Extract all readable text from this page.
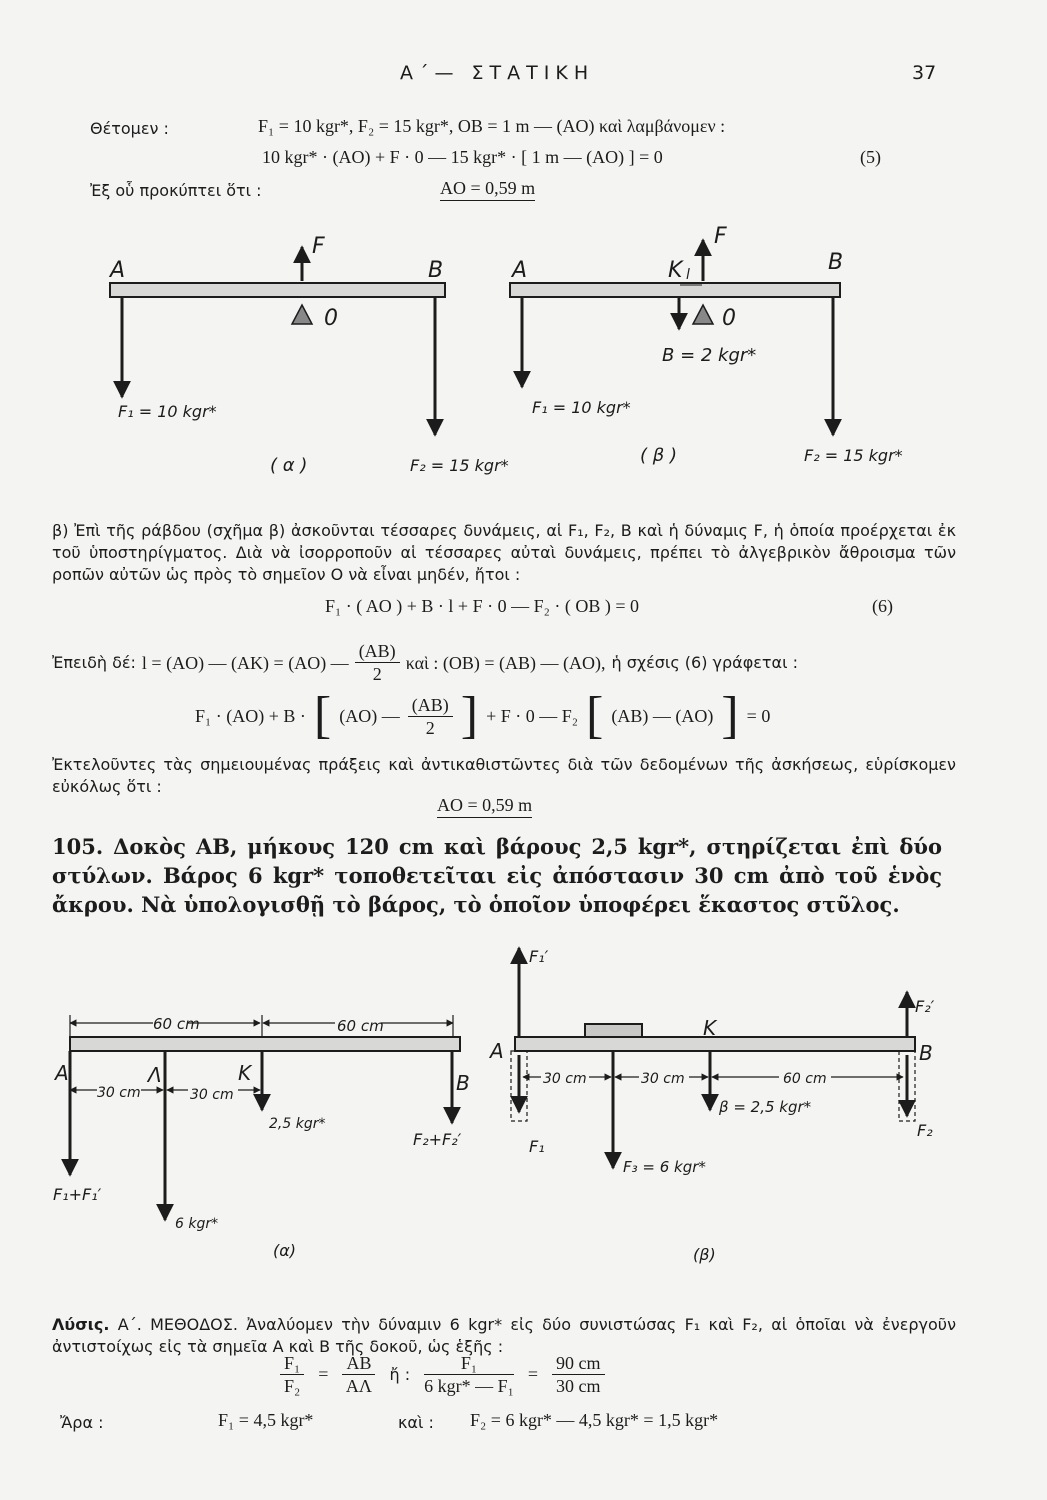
Α΄— ΣΤΑΤΙΚΗ	37
Θέτομεν :	F₁ = 10 kgr*, F₂ = 15 kgr*, OB = 1 m — (AO) καὶ λαμβάνομεν :
10 kgr* · (AO) + F · 0 — 15 kgr* · [ 1 m — (AO) ] = 0	(5)
Ἐξ οὗ προκύπτει ὅτι :	AO = 0,59 m
A	B
F
0
F₁ = 10 kgr*
F₂ = 15 kgr*
( α )
A	B
F
K l
0
B = 2 kgr*
F₁ = 10 kgr*
F₂ = 15 kgr*
( β )
β) Ἐπὶ τῆς ράβδου (σχῆμα β) ἀσκοῦνται τέσσαρες δυνάμεις, αἱ F₁, F₂, B καὶ ἡ δύναμις F, ἡ ὁποία προέρχεται ἐκ τοῦ ὑποστηρίγματος. Διὰ νὰ ἰσορροποῦν αἱ τέσσαρες αὐταὶ δυνάμεις, πρέπει τὸ ἀλγεβρικὸν ἄθροισμα τῶν ροπῶν αὐτῶν ὡς πρὸς τὸ σημεῖον O νὰ εἶναι μηδέν, ἤτοι :
F₁ · ( AO ) + B · l + F · 0 — F₂ · ( OB ) = 0	(6)
Ἐπειδὴ δέ: l = (AO) — (AK) = (AO) — $\frac{(AB)}{2}$ καὶ : (OB) = (AB) — (AO), ἡ σχέσις (6) γράφεται :
F₁ · (AO) + B · [ (AO) — $\frac{(AB)}{2}$ ] + F · 0 — F₂ [ (AB) — (AO) ] = 0
Ἐκτελοῦντες τὰς σημειουμένας πράξεις καὶ ἀντικαθιστῶντες διὰ τῶν δεδομένων τῆς ἀσκήσεως, εὑρίσκομεν εὐκόλως ὅτι :
AO = 0,59 m
105. Δοκὸς AB, μήκους 120 cm καὶ βάρους 2,5 kgr*, στηρίζεται ἐπὶ δύο στύλων. Βάρος 6 kgr* τοποθετεῖται εἰς ἀπόστασιν 30 cm ἀπὸ τοῦ ἑνὸς ἄκρου. Νὰ ὑπολογισθῇ τὸ βάρος, τὸ ὁποῖον ὑποφέρει ἕκαστος στῦλος.
60 cm	60 cm
30 cm	30 cm
A	Λ	K	B
2,5 kgr*
6 kgr*
F₁+F₁′
F₂+F₂′
(α)
30 cm	30 cm	60 cm
A
K
B
F₁′
F₂′
F₁
F₂
F₃ = 6 kgr*
β = 2,5 kgr*
(β)
Λύσις. Α΄. ΜΕΘΟΔΟΣ. Ἀναλύομεν τὴν δύναμιν 6 kgr* εἰς δύο συνιστώσας F₁ καὶ F₂, αἱ ὁποῖαι νὰ ἐνεργοῦν ἀντιστοίχως εἰς τὰ σημεῖα A καὶ B τῆς δοκοῦ, ὡς ἑξῆς :
$\frac{\text{F₁}}{\text{F₂}} = \frac{AB}{A\Lambda}$ ἤ : $\frac{\text{F₁}}{\text{6 kgr* — F₁}} = \frac{90 cm}{30 cm}$
Ἄρα :	F₁ = 4,5 kgr*	καὶ : F₂ = 6 kgr* — 4,5 kgr* = 1,5 kgr*
